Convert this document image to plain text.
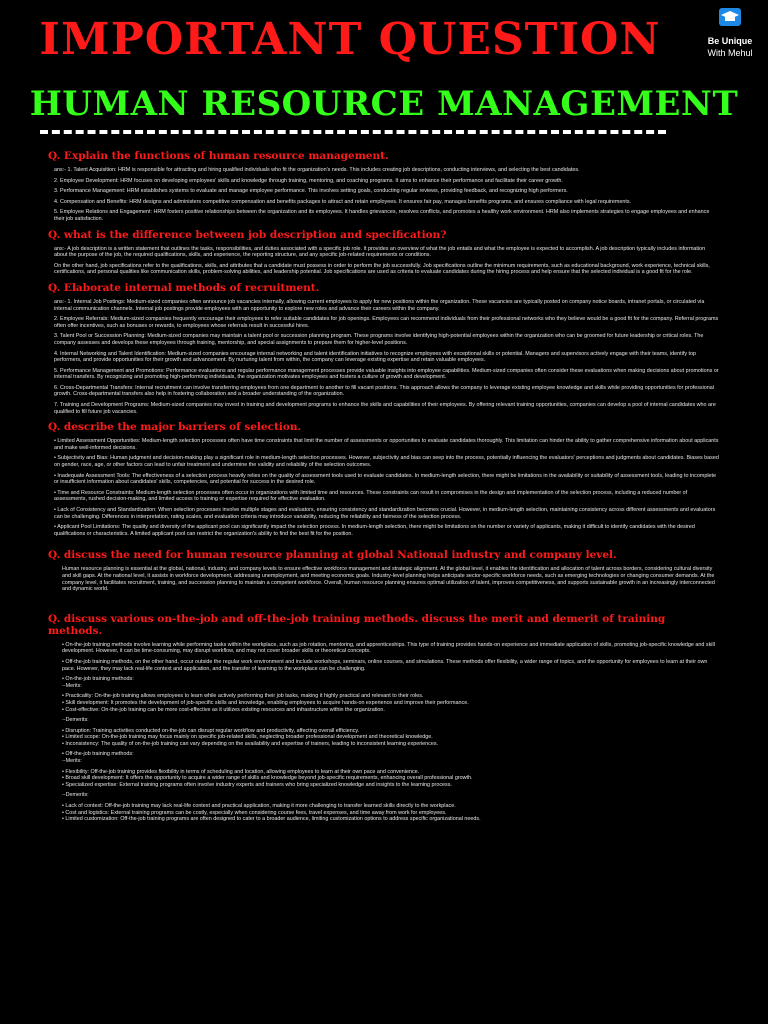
IMPORTANT QUESTION
HUMAN RESOURCE MANAGEMENT
Be Unique
With Mehul
Q. Explain the functions of human resource management.
ans:- 1. Talent Acquisition: HRM is responsible for attracting and hiring qualified individuals who fit the organization's needs. This includes creating job descriptions, conducting interviews, and selecting the best candidates.
2. Employee Development: HRM focuses on developing employees' skills and knowledge through training, mentoring, and coaching programs. It aims to enhance their performance and facilitate their career growth.
3. Performance Management: HRM establishes systems to evaluate and manage employee performance. This involves setting goals, conducting regular reviews, providing feedback, and recognizing high performers.
4. Compensation and Benefits: HRM designs and administers competitive compensation and benefits packages to attract and retain employees. It ensures fair pay, manages benefits programs, and ensures compliance with legal requirements.
5. Employee Relations and Engagement: HRM fosters positive relationships between the organization and its employees. It handles grievances, resolves conflicts, and promotes a healthy work environment. HRM also implements strategies to engage employees and enhance their job satisfaction.
Q. what is the difference between job description and specification?
ans:- A job description is a written statement that outlines the tasks, responsibilities, and duties associated with a specific job role. It provides an overview of what the job entails and what the employee is expected to accomplish. A job description typically includes information about the purpose of the job, the required qualifications, skills, and experience, the reporting structure, and any specific job-related requirements or conditions.
On the other hand, job specifications refer to the qualifications, skills, and attributes that a candidate must possess in order to perform the job successfully. Job specifications outline the minimum requirements, such as educational background, work experience, technical skills, certifications, and personal qualities like communication skills, problem-solving abilities, and leadership potential. Job specifications are used as criteria to evaluate candidates during the hiring process and help ensure that the selected individual is a good fit for the role.
Q. Elaborate internal methods of recruitment.
ans:- 1. Internal Job Postings: Medium-sized companies often announce job vacancies internally, allowing current employees to apply for new positions within the organization. These vacancies are typically posted on company notice boards, intranet portals, or circulated via internal communication channels. Internal job postings provide employees with an opportunity to explore new roles and advance their careers within the company.
2. Employee Referrals: Medium-sized companies frequently encourage their employees to refer suitable candidates for job openings. Employees can recommend individuals from their professional networks who they believe would be a good fit for the company. Referral programs often offer incentives, such as bonuses or rewards, to employees whose referrals result in successful hires.
3. Talent Pool or Succession Planning: Medium-sized companies may maintain a talent pool or succession planning program. These programs involve identifying high-potential employees within the organization who can be groomed for future leadership or critical roles. The company assesses and develops these employees through training, mentorship, and special assignments to prepare them for higher-level positions.
4. Internal Networking and Talent Identification: Medium-sized companies encourage internal networking and talent identification initiatives to recognize employees with exceptional skills or potential. Managers and supervisors actively engage with their teams, identify top performers, and provide opportunities for their growth and advancement. By nurturing talent from within, the company can leverage existing expertise and retain valuable employees.
5. Performance Management and Promotions: Performance evaluations and regular performance management processes provide valuable insights into employee capabilities. Medium-sized companies often consider these evaluations when making decisions about promotions or internal transfers. By recognizing and promoting high-performing individuals, the organization motivates employees and fosters a culture of growth and development.
6. Cross-Departmental Transfers: Internal recruitment can involve transferring employees from one department to another to fill vacant positions. This approach allows the company to leverage existing employee knowledge and skills while providing opportunities for professional growth. Cross-departmental transfers also help in fostering collaboration and a broader understanding of the organization.
7. Training and Development Programs: Medium-sized companies may invest in training and development programs to enhance the skills and capabilities of their employees. By offering relevant training opportunities, companies can develop a pool of internal candidates who are qualified to fill future job vacancies.
Q. describe the major barriers of selection.
• Limited Assessment Opportunities: Medium-length selection processes often have time constraints that limit the number of assessments or opportunities to evaluate candidates thoroughly. This limitation can hinder the ability to gather comprehensive information about applicants and make well-informed decisions.
• Subjectivity and Bias: Human judgment and decision-making play a significant role in medium-length selection processes. However, subjectivity and bias can seep into the process, potentially influencing the evaluators' perceptions and judgments about candidates. Biases based on gender, race, age, or other factors can lead to unfair treatment and undermine the validity and reliability of the selection outcomes.
• Inadequate Assessment Tools: The effectiveness of a selection process heavily relies on the quality of assessment tools used to evaluate candidates. In medium-length selection, there might be limitations in the availability or suitability of assessment tools, leading to incomplete or insufficient information about candidates' skills, competencies, and potential for success in the desired role.
• Time and Resource Constraints: Medium-length selection processes often occur in organizations with limited time and resources. These constraints can result in compromises in the design and implementation of the selection process, including a reduced number of assessments, rushed decision-making, and limited access to training or expertise required for effective evaluation.
• Lack of Consistency and Standardization: When selection processes involve multiple stages and evaluators, ensuring consistency and standardization becomes crucial. However, in medium-length selection, maintaining consistency across different assessments and evaluators can be challenging. Differences in interpretation, rating scales, and evaluation criteria may introduce variability, reducing the reliability and fairness of the selection process.
• Applicant Pool Limitations: The quality and diversity of the applicant pool can significantly impact the selection process. In medium-length selection, there might be limitations on the number or variety of applicants, making it difficult to identify candidates with the desired qualifications or characteristics. A limited applicant pool can restrict the organization's ability to find the best fit for the position.
Q. discuss the need for human resource planning at global National industry and company level.
Human resource planning is essential at the global, national, industry, and company levels to ensure effective workforce management and strategic alignment. At the global level, it enables the identification and allocation of talent across borders, considering cultural diversity and skill gaps. At the national level, it assists in workforce development, addressing unemployment, and meeting economic goals. Industry-level planning helps anticipate sector-specific workforce needs, such as emerging technologies or changing consumer demands. At the company level, it facilitates recruitment, training, and succession planning to maintain a competent workforce. Overall, human resource planning ensures optimal utilization of talent, improves competitiveness, and supports sustainable growth in an increasingly interconnected and dynamic world.
Q. discuss various on-the-job and off-the-job training methods. discuss the merit and demerit of training methods.
• On-the-job training methods involve learning while performing tasks within the workplace, such as job rotation, mentoring, and apprenticeships. This type of training provides hands-on experience and immediate application of skills, promoting job-specific knowledge and skill development. However, it can be time-consuming, may disrupt workflow, and may not cover broader skills or theoretical concepts.
• Off-the-job training methods, on the other hand, occur outside the regular work environment and include workshops, seminars, online courses, and simulations. These methods offer flexibility, a wider range of topics, and the opportunity for employees to learn at their own pace. However, they may lack real-life context and application, and the transfer of learning to the workplace can be challenging.
• On-the-job training methods:
--Merits:
• Practicality: On-the-job training allows employees to learn while actively performing their job tasks, making it highly practical and relevant to their roles.
• Skill development: It promotes the development of job-specific skills and knowledge, enabling employees to acquire hands-on experience and improve their performance.
• Cost-effective: On-the-job training can be more cost-effective as it utilizes existing resources and infrastructure within the organization.
--Demerits:
• Disruption: Training activities conducted on-the-job can disrupt regular workflow and productivity, affecting overall efficiency.
• Limited scope: On-the-job training may focus mainly on specific job-related skills, neglecting broader professional development and theoretical knowledge.
• Inconsistency: The quality of on-the-job training can vary depending on the availability and expertise of trainers, leading to inconsistent learning experiences.
• Off-the-job training methods:
--Merits:
• Flexibility: Off-the-job training provides flexibility in terms of scheduling and location, allowing employees to learn at their own pace and convenience.
• Broad skill development: It offers the opportunity to acquire a wider range of skills and knowledge beyond job-specific requirements, enhancing overall professional growth.
• Specialized expertise: External training programs often involve industry experts and trainers who bring specialized knowledge and insights to the learning process.
--Demerits:
• Lack of context: Off-the-job training may lack real-life context and practical application, making it more challenging to transfer learned skills directly to the workplace.
• Cost and logistics: External training programs can be costly, especially when considering course fees, travel expenses, and time away from work for employees.
• Limited customization: Off-the-job training programs are often designed to cater to a broader audience, limiting customization options to address specific organizational needs.
